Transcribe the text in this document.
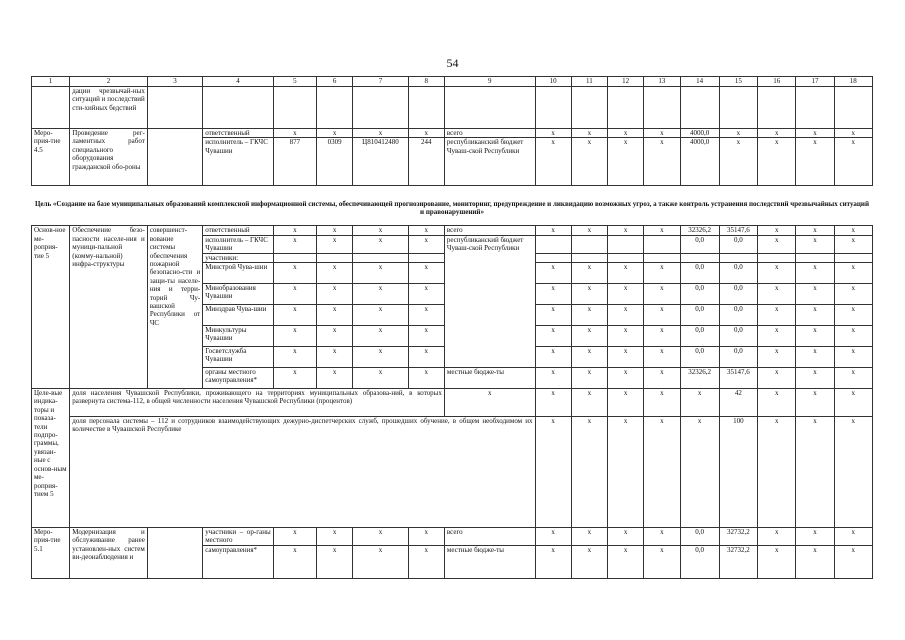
54
1	2	3	4	5	6	7	8	9	10	11	12	13	14	15	16	17	18
	дации чрезвычай-ных ситуаций и последствий сти-хийных бедствий																
Меро-прия-тие 4.5	Проведение рег-ламентных работ специального оборудования гражданской обо-роны		ответственный	x	x	x	x	всего	x	x	x	x	4000,0	x	x	x	x
			исполнитель – ГКЧС Чувашии	877	0309	Ц810412480	244	республиканский бюджет Чуваш-ской Республики	x	x	x	x	4000,0	x	x	x	x
Цель «Создание на базе муниципальных образований комплексной информационной системы, обеспечивающей прогнозирование, мониторинг, предупреждение и ликвидацию возможных угроз, а также контроль устранения последствий чрезвычайных ситуаций и правонарушений»																	
Основ-ное ме-роприя-тие 5	Обеспечение безо-пасности населе-ния и муници-пальной (комму-нальной) инфра-структуры	совершенст-вование системы обеспечения пожарной безопасно-сти и защи-ты населе-ния и терри-торий Чу-вашской Республики от ЧС	ответственный	x	x	x	x	всего	x	x	x	x	32326,2	35147,6	x	x	x
			исполнитель – ГКЧС Чувашии	x	x	x	x	республиканский бюджет Чуваш-ской Республики					0,0	0,0	x	x	x
			участники:														
			Минстрой Чува-шии	x	x	x	x		x	x	x	x	0,0	0,0	x	x	x
			Минобразования Чувашии	x	x	x	x		x	x	x	x	0,0	0,0	x	x	x
			Минздрав Чува-шии	x	x	x	x		x	x	x	x	0,0	0,0	x	x	x
			Минкультуры Чувашии	x	x	x	x		x	x	x	x	0,0	0,0	x	x	x
			Госветслужба Чувашии	x	x	x	x		x	x	x	x	0,0	0,0	x	x	x
			органы местного самоуправления*	x	x	x	x	местные бюдже-ты	x	x	x	x	32326,2	35147,6	x	x	x
Целе-вые индика-торы и показа-тели подпро-граммы, увязан-ные с основ-ным ме-роприя-тием 5	доля населения Чувашской Республики, проживающего на территориях муниципальных образова-ний, в которых развернута система-112, в общей численности населения Чувашской Республики (процентов)							x	x	x	x	x	x	42	x	x	x
	доля персонала системы – 112 и сотрудников взаимодействующих дежурно-диспетчерских служб, прошедших обучение, в общем необходимом их количестве в Чувашской Республике								x	x	x	x	x	100	x	x	x
Меро-прия-тие 5.1	Модернизация и обслуживание ранее установлен-ных систем ви-деонаблюдения и		участники – ор-ганы местного	x	x	x	x	всего	x	x	x	x	0,0	32732,2	x	x	x
			самоуправления*	x	x	x	x	местные бюдже-ты	x	x	x	x	0,0	32732,2	x	x	x
